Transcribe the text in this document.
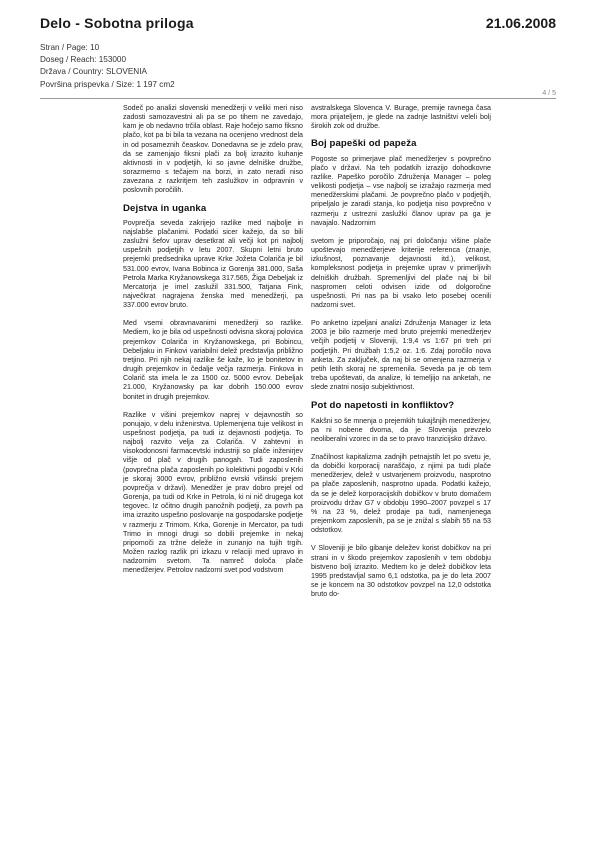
Delo - Sobotna priloga	21.06.2008
Stran / Page: 10
Doseg / Reach: 153000
Država / Country: SLOVENIA
Površina prispevka / Size: 1 197 cm2
4 / 5

Sodeč po analizi slovenski menedžerji v veliki meri niso zadosti samozavestni ali pa se po tihem ne zavedajo, kam je ob nedavno trčila oblast. Raje hočejo samo fiksno plačo, kot pa bi bila ta vezana na ocenjeno vrednost dela in od posameznih čeaskov. Donedavna se je zdelo prav, da se zamenjajo fiksni plači za bolj izrazito kuhanje aktivnosti in v podjetjih, ki so javne delniške družbe, sorazmerno s tečajem na borzi, in zato neradi niso zavezana z razkritjem teh zaslužkov in odpravnin v poslovnih poročilih.

Dejstva in uganka

Povprečja seveda zakrijejo razlike med najbolje in najslabše plačanimi. Podatki sicer kažejo, da so bili zaslužni šefov uprav desetkrat ali večji kot pri najbolj uspešnih podjetjih v letu 2007. Skupni letni bruto prejemki predsednika uprave Krke Jožeta Colariča je bil 531.000 evrov, Ivana Bobinca iz Gorenja 381.000, Saša Petrola Marka Kryžanowskega 317.565, Žiga Debeljak iz Mercatorja je imel zaslužil 331.500, Tatjana Fink, največkrat nagrajena ženska med menedžerji, pa 337.000 evrov bruto.

Med vsemi obravnavanimi menedžerji so razlike. Mediem, ko je bila od uspešnosti odvisna skoraj polovica prejemkov Colariča in Kryžanowskega, pri Bobincu, Debeljaku in Finkovi variabilni delež predstavlja približno tretjino. Pri njih nekaj razlike še kaže, ko je bonitetov in drugih prejemkov in čedalje večja razmerja. Finkova in Colarič sta imela le za 1500 oz. 5000 evrov. Debeljak 21.000, Kryžanowsky pa kar dobrih 150.000 evrov bonitet in drugih prejemkov.

Razlike v višini prejemkov naprej v dejavnostih so ponujajo, v delu inženirstva. Uplemenjena tuje velikost in uspešnost podjetja, pa tudi iz dejavnosti podjetja. To najbolj razvito velja za Colariča. V zahtevni in visokodonosni farmacevtski industriji so plače inženirjev višje od plač v drugih panogah. Tudi zaposlenih (povprečna plača zaposlenih po kolektivni pogodbi v Krki je skoraj 3000 evrov, približno evrski višinski prejem povprečja v državi). Menedžer je prav dobro prejel od Gorenja, pa tudi od Krke in Petrola, ki ni nič drugega kot tegovec. Iz očitno drugih panožnih podjetji, za povrh pa ima izrazito uspešno poslovanje na gospodarske podjetje v razmerju z Trimom. Krka, Gorenje in Mercator, pa tudi Trimo in mnogi drugi so dobili prejemke in nekaj pripomoči za tržne deleže in zunanjo na tujih trgih. Možen razlog razlik pri izkazu v relaciji med upravo in nadzornim svetom. Ta namreč določa plače menedžerjev. Petrolov nadzorni svet pod vodstvom

avstralskega Slovenca V. Burage, premije ravnega časa mora prijateljem, je glede na zadnje lastništvi veleli bolj širokih zok od družbe.

Boj papeški od papeža

Pogoste so primerjave plač menedžerjev s povprečno plačo v državi. Na teh podatkih izrazijo dohodkovne razlike. Papeško poročilo Združenja Manager – poleg velikosti podjetja – vse najbolj se izražajo razmerja med menedžerskimi plačami. Je povprečno plačo v podjetjih, pripeljalo je zaradi stanja, ko podjetja niso povprečno v razmerju z ustrezni zaslužki članov uprav pa ga je navajalo. Nadzornim

svetom je priporočajo, naj pri določanju višine plače upoštevajo menedžerjeve kriterije referenca (znanje, izkušnost, poznavanje dejavnosti itd.), velikost, kompleksnost podjetja in prejemke uprav v primerljivih delniških družbah. Spremenljivi del plače naj bi bil naspromen celoti odvisen izide od dolgoročne uspešnosti. Pri nas pa bi vsako leto posebej ocenili nadzorni svet.

Po anketno izpeljani analizi Združenja Manager iz leta 2003 je bilo razmerje med bruto prejemki menedžerjev večjih podjetij v Sloveniji, 1:9,4 vs 1:67 pri treh pri podjetjih. Pri družbah 1:5,2 oz. 1:6. Zdaj poročilo nova anketa. Za zaključek, da naj bi se omenjena razmerja v petih letih skoraj ne spremenila. Seveda pa je ob tem treba upoštevati, da analize, ki temeljijo na anketah, ne slede znatni nosijo subjektivnost.

Pot do napetosti in konfliktov?

Kakšni so še mnenja o prejemkih tukajšnjih menedžerjev, pa ni nobene dvoma, da je Slovenija prevzelo neoliberalni vzorec in da se to pravo tranzicijsko državo.

Značilnost kapitalizma zadnjih petnajstih let po svetu je, da dobički korporacij naraščajo, z njimi pa tudi plače menedžerjev, delež v ustvarjenem proizvodu, nasprotno pa plače zaposlenih, nasprotno upada. Podatki kažejo, da se je delež korporacijskih dobičkov v bruto domačem proizvodu držav G7 v obdobju 1990–2007 povzpel s 17 % na 23 %, delež prodaje pa tudi, namenjenega prejemkom zaposlenih, pa se je znižal s slabih 55 na 53 odstotkov.

V Sloveniji je bilo gibanje deležev korist dobičkov na pri strani in v škodo prejemkov zaposlenih v tem obdobju bistveno bolj izrazito. Medtem ko je delež dobičkov leta 1995 predstavljal samo 6,1 odstotka, pa je do leta 2007 se je koncem na 30 odstotkov povzpel na 12,0 odstotka bruto do-
